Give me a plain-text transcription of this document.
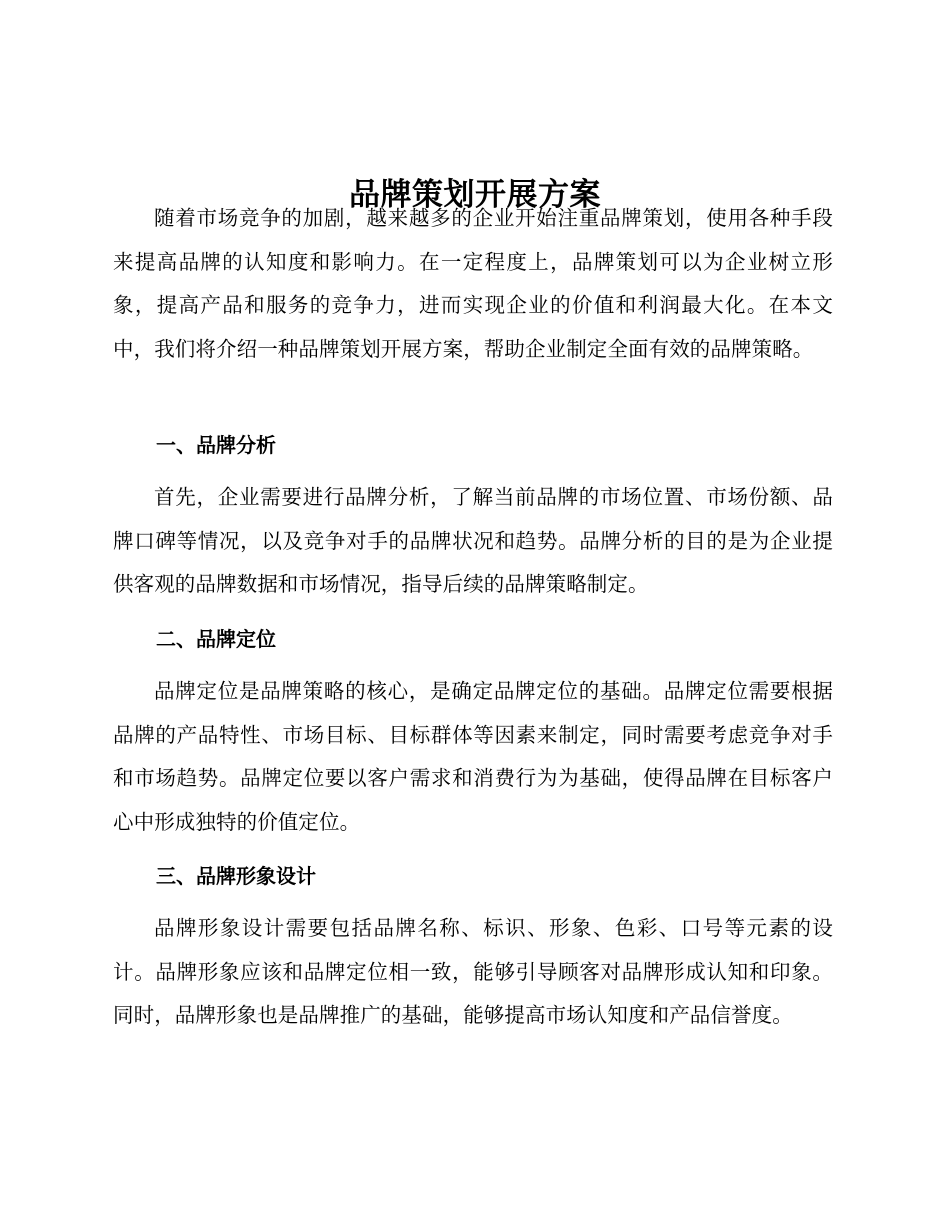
品牌策划开展方案

随着市场竞争的加剧，越来越多的企业开始注重品牌策划，使用各种手段来提高品牌的认知度和影响力。在一定程度上，品牌策划可以为企业树立形象，提高产品和服务的竞争力，进而实现企业的价值和利润最大化。在本文中，我们将介绍一种品牌策划开展方案，帮助企业制定全面有效的品牌策略。

一、品牌分析

首先，企业需要进行品牌分析，了解当前品牌的市场位置、市场份额、品牌口碑等情况，以及竞争对手的品牌状况和趋势。品牌分析的目的是为企业提供客观的品牌数据和市场情况，指导后续的品牌策略制定。

二、品牌定位

品牌定位是品牌策略的核心，是确定品牌定位的基础。品牌定位需要根据品牌的产品特性、市场目标、目标群体等因素来制定，同时需要考虑竞争对手和市场趋势。品牌定位要以客户需求和消费行为为基础，使得品牌在目标客户心中形成独特的价值定位。

三、品牌形象设计

品牌形象设计需要包括品牌名称、标识、形象、色彩、口号等元素的设计。品牌形象应该和品牌定位相一致，能够引导顾客对品牌形成认知和印象。同时，品牌形象也是品牌推广的基础，能够提高市场认知度和产品信誉度。
